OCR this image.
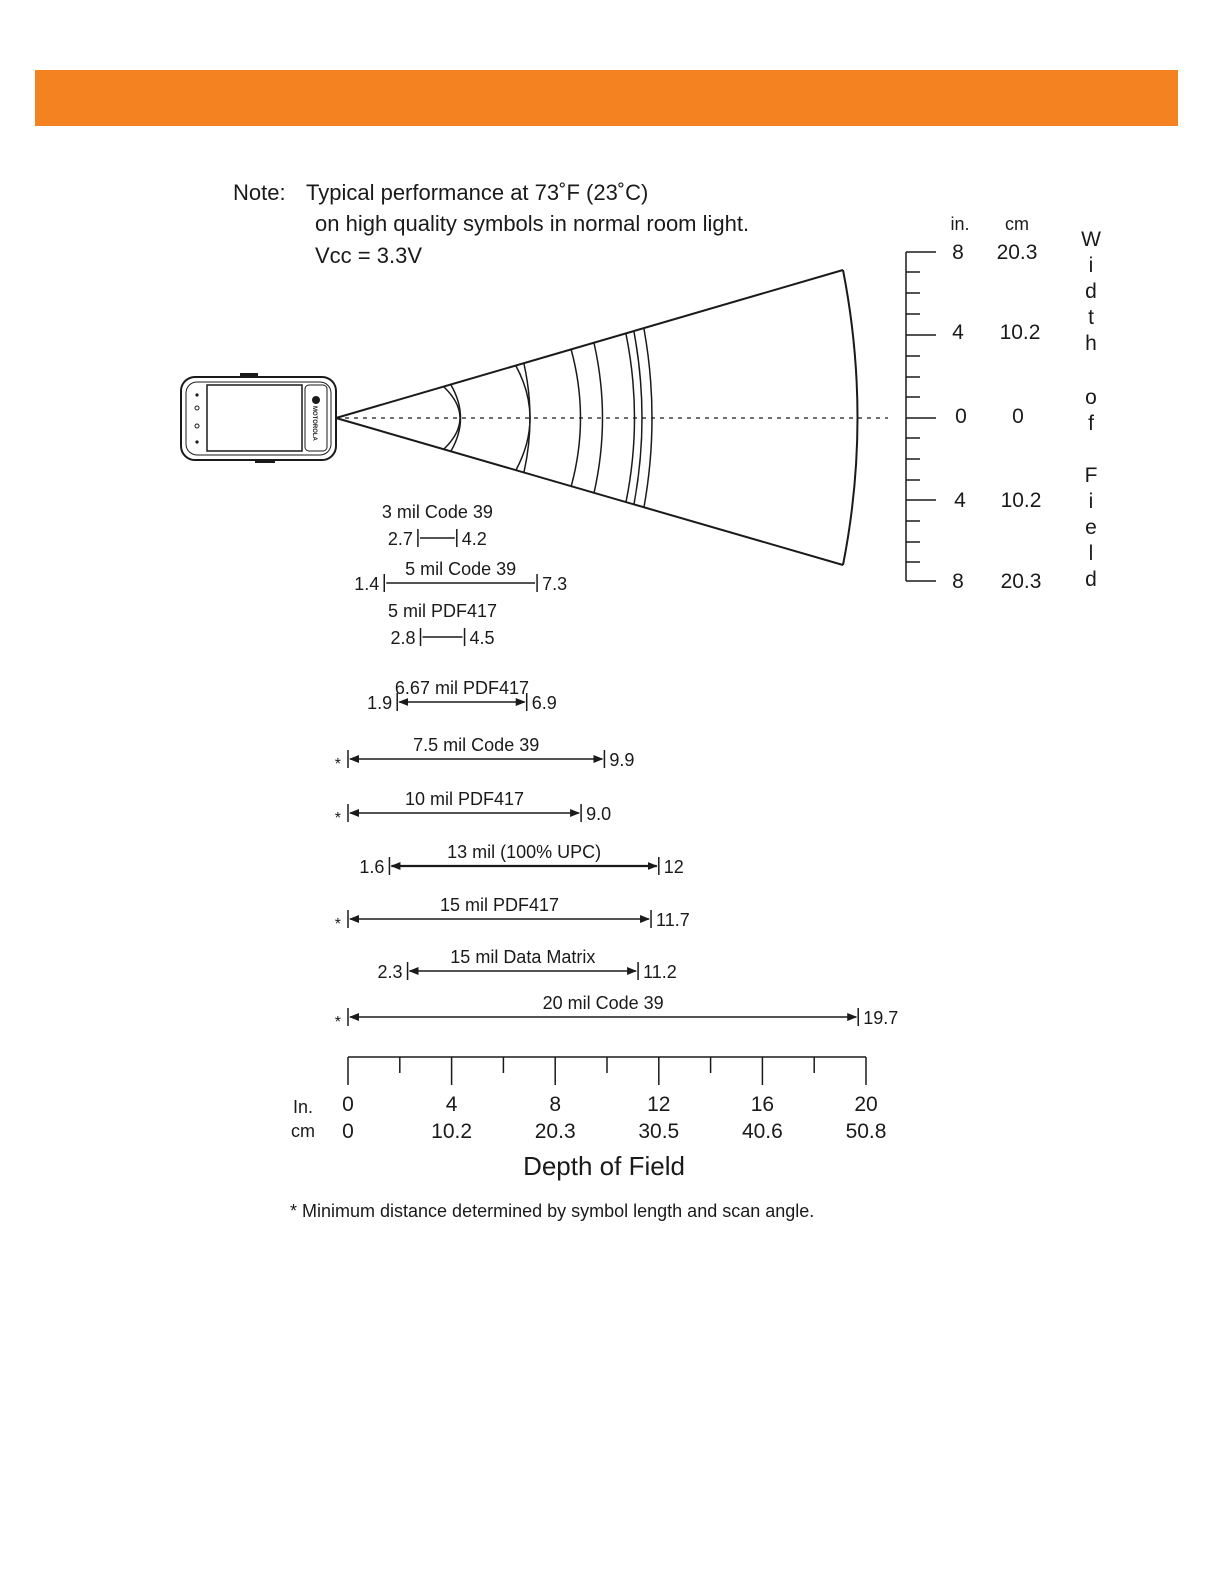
Note: Typical performance at 73˚F (23˚C)
on high quality symbols in normal room light.
Vcc = 3.3V
MOTOROLA
in. cm
8 20.3
4 10.2
0 0
4 10.2
8 20.3
W
i
d
t
h
o
f
F
i
e
l
d
3 mil Code 39
2.7	4.2
5 mil Code 39
1.4	7.3
5 mil PDF417
2.8	4.5
6.67 mil PDF417
1.9	6.9
7.5 mil Code 39
*	9.9
10 mil PDF417
*	9.0
13 mil (100% UPC)
1.6	12
15 mil PDF417
*	11.7
15 mil Data Matrix
2.3	11.2
20 mil Code 39
*	19.7
0
0
4
10.2
8
20.3
12
30.5
16
40.6
20
50.8
In.
cm
Depth of Field
* Minimum distance determined by symbol length and scan angle.
